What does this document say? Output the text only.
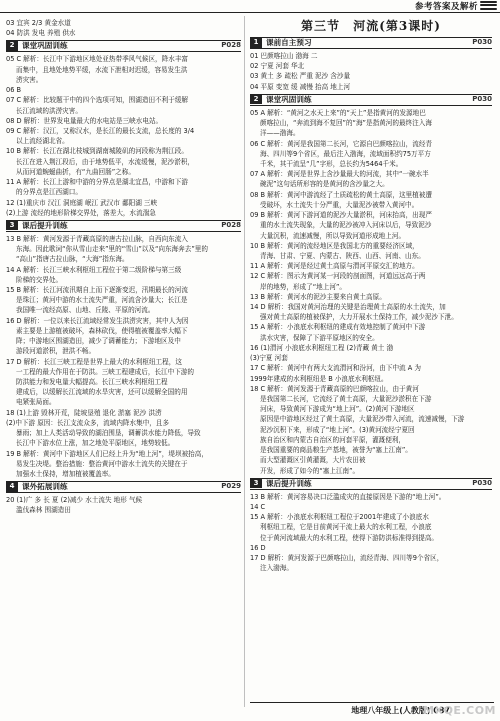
参考答案及解析
03 宜宾 2/3 黄金水道
04 防洪 发电 养殖 供水
2 课堂巩固训练	P028
05 C 解析：长江中下游地区地处亚热带季风气候区，降水丰富
而集中，且地处地势平缓，水流下泄相对迟缓，容易发生洪
涝灾害。
06 B
07 C 解析：比较题干中的四个选项可知，围湖造田不利于缓解
长江流域的洪涝灾害。
08 D 解析：世界发电量最大的水电站是三峡水电站。
09 C 解析：汉江，又称汉水，是长江的最长支流，总长度的 3/4
以上流经湖北省。
10 B 解析：长江在湖北枝城到湖南城陵矶的河段称为荆江段。
长江在进入荆江段后，由于地势低平，水流缓慢，泥沙淤积，
从而河道蜿蜒曲折，有“九曲回肠”之称。
11 A 解析：长江上游和中游的分界点是湖北宜昌，中游和下游
的分界点是江西湖口。
12 (1)重庆市 汉江 洞庭湖 岷江 武汉市 鄱阳湖 三峡
(2)上游 流经的地形阶梯交界处，落差大，水流湍急
3 课后提升训练	P028
13 B 解析：黄河发源于青藏高原的唐古拉山脉，自西向东流入
东海。因此歌词“你从雪山走来”里的“雪山”以及“向东海奔去”里的
“高山”指唐古拉山脉，“大海”指东海。
14 A 解析：长江三峡水利枢纽工程位于第二级阶梯与第三级
阶梯的交界处。
15 B 解析：长江河流汛期自上而下逐渐变迟，汛期最长的河流
是珠江；黄河中游的水土流失严重，河流含沙量大；长江是
我国唯一流经高原、山地、丘陵、平原的河流。
16 D 解析：一位以来长江流域经常发生洪涝灾害，其中人为因
素主要是上游植被破坏，森林砍伐，使得植被覆盖率大幅下
降；中游地区围湖造田，减少了调蓄能力；下游地区及中
游段河道淤积，泄洪不畅。
17 D 解析：长江三峡工程是世界上最大的水利枢纽工程，这
一工程的最大作用在于防洪。三峡工程建成后，长江中下游的
防洪能力和发电量大幅提高。长江三峡水利枢纽工程
建成后，以缓解长江流域的水旱灾害，还可以缓解全国的用
电紧张局面。
18 (1)上游 毁林开荒，陡坡垦殖 退化 淤塞 泥沙 洪涝
(2)中下游 原因：长江支流众多，流域内降水集中，且多
暴雨；加上人类活动导致的湖泊围垦，调蓄洪水能力降低，导致
长江中下游水位上涨，加之地处平原地区，地势较低。
19 B 解析：黄河中下游地区人们已经上升为“地上河”，堤坝被抬高，
易发生决堤。整治措施：整治黄河中游水土流失的关键在于
加强水土保持，增加植被覆盖率。
4 课外拓展训练	P029
20 (1)广 多 长 夏 (2)减少 水土流失 地形 气候
滥伐森林 围湖造田
第三节 河流(第3课时)
1 课前自主预习	P030
01 巴颜喀拉山 渤海 二
02 宁夏 河套 华北
03 黄土 多 疏松 严重 泥沙 含沙量
04 平原 变宽 缓 减慢 抬高 地上河
2 课堂巩固训练	P030
05 A 解析：“黄河之水天上来”的“天上”是指黄河的发源地巴
颜喀拉山，“奔流到海不复回”的“海”是指黄河的最终注入海
洋——渤海。
06 C 解析：黄河是我国第二长河，它源自巴颜喀拉山，流经青
海、四川等9个省区，最后注入渤海，流域面积约75万平方
千米，其干流呈“几”字形，总长约为5464千米。
07 A 解析：黄河是世界上含沙量最大的河流，其中“一碗水半
碗泥”这句话所形容的是黄河的含沙量之大。
08 B 解析：黄河中游流经了土质疏松的黄土高原，这里植被遭
受破坏，水土流失十分严重，大量泥沙被带入黄河中。
09 B 解析：黄河下游河道的泥沙大量淤积，河床抬高，出现严
重的水土流失现象，大量的泥沙被冲入河床以后，导致泥沙
大量沉积，流速减慢，所以导致河道形成地上河。
10 B 解析：黄河的流经地区是我国北方的重要经济区域，
青海、甘肃、宁夏、内蒙古、陕西、山西、河南、山东。
11 A 解析：黄河是经过黄土高原与渭河平原交汇的地方。
12 C 解析：图示为黄河某一河段的剖面图，河道远远高于两
岸的地势，形成了“地上河”。
13 B 解析：黄河水的泥沙主要来自黄土高原。
14 D 解析：我国对黄河治理的关键是治理黄土高原的水土流失，加
强对黄土高原的植被保护，大力开展水土保持工作，减少泥沙下泄。
15 A 解析：小浪底水利枢纽的建成有效地控制了黄河中下游
洪水灾害，保障了下游平原地区的安全。
16 (1)渭河 小浪底水利枢纽工程 (2)青藏 黄土 渤
(3)宁夏 河套
17 C 解析：黄河中有两大支流渭河和汾河，由下中流 A 为
1999年建成的水利枢纽是 B 小浪底水利枢纽。
18 C 解析：黄河发源于青藏高原的巴颜喀拉山，由于黄河
是我国第二长河，它流经了黄土高原，大量泥沙淤积在下游
河床，导致黄河下游成为“地上河”。(2)黄河下游地区
原因是中游地区经过了黄土高原，大量泥沙带入河流，流速减慢，下游
泥沙沉积下来，形成了“地上河”。(3)黄河流经宁夏回
族自治区和内蒙古自治区的河套平原，灌溉便利，
是我国重要的商品粮生产基地，被誉为“塞上江南”。
而大型灌溉区引黄灌溉，大片农田被
开发，形成了如今的“塞上江南”。
3 课后提升训练	P030
13 B 解析：黄河容易决口泛滥成灾的直接原因是下游的“地上河”。
14 C
15 A 解析：小浪底水利枢纽工程位于2001年建成了小浪底水
利枢纽工程，它是目前黄河干流上最大的水利工程，小浪底
位于黄河流域最大的水利工程，使得下游防洪标准得到提高。
16 D
17 D 解析：黄河发源于巴颜喀拉山，流经青海、四川等9个省区，
注入渤海。
地理八年级上(人教版) 087
MXQE.COM
